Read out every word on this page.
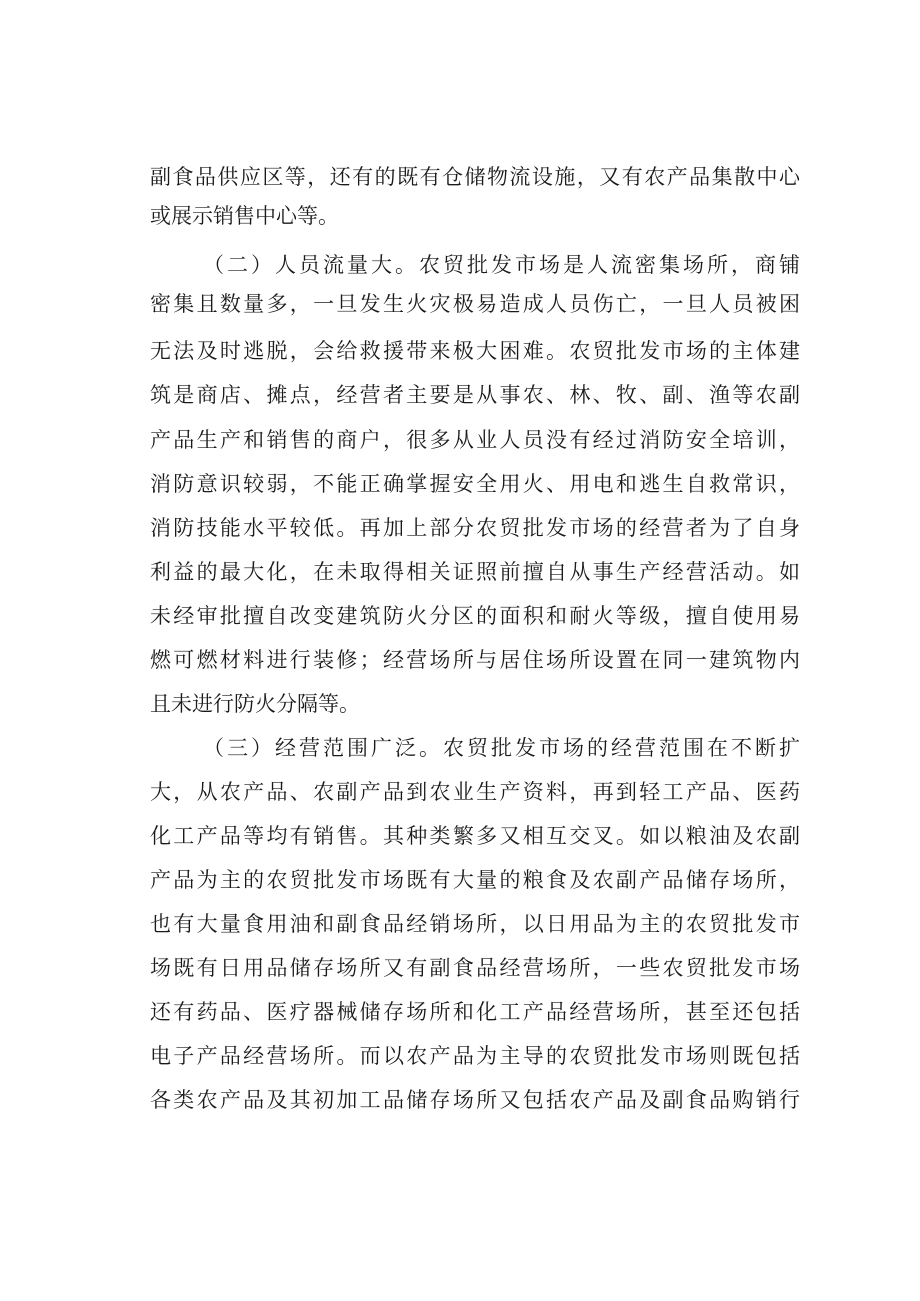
副食品供应区等，还有的既有仓储物流设施，又有农产品集散中心
或展示销售中心等。
（二）人员流量大。农贸批发市场是人流密集场所，商铺
密集且数量多，一旦发生火灾极易造成人员伤亡，一旦人员被困
无法及时逃脱，会给救援带来极大困难。农贸批发市场的主体建
筑是商店、摊点，经营者主要是从事农、林、牧、副、渔等农副
产品生产和销售的商户，很多从业人员没有经过消防安全培训，
消防意识较弱，不能正确掌握安全用火、用电和逃生自救常识，
消防技能水平较低。再加上部分农贸批发市场的经营者为了自身
利益的最大化，在未取得相关证照前擅自从事生产经营活动。如
未经审批擅自改变建筑防火分区的面积和耐火等级，擅自使用易
燃可燃材料进行装修；经营场所与居住场所设置在同一建筑物内
且未进行防火分隔等。
（三）经营范围广泛。农贸批发市场的经营范围在不断扩
大，从农产品、农副产品到农业生产资料，再到轻工产品、医药
化工产品等均有销售。其种类繁多又相互交叉。如以粮油及农副
产品为主的农贸批发市场既有大量的粮食及农副产品储存场所，
也有大量食用油和副食品经销场所，以日用品为主的农贸批发市
场既有日用品储存场所又有副食品经营场所，一些农贸批发市场
还有药品、医疗器械储存场所和化工产品经营场所，甚至还包括
电子产品经营场所。而以农产品为主导的农贸批发市场则既包括
各类农产品及其初加工品储存场所又包括农产品及副食品购销行
